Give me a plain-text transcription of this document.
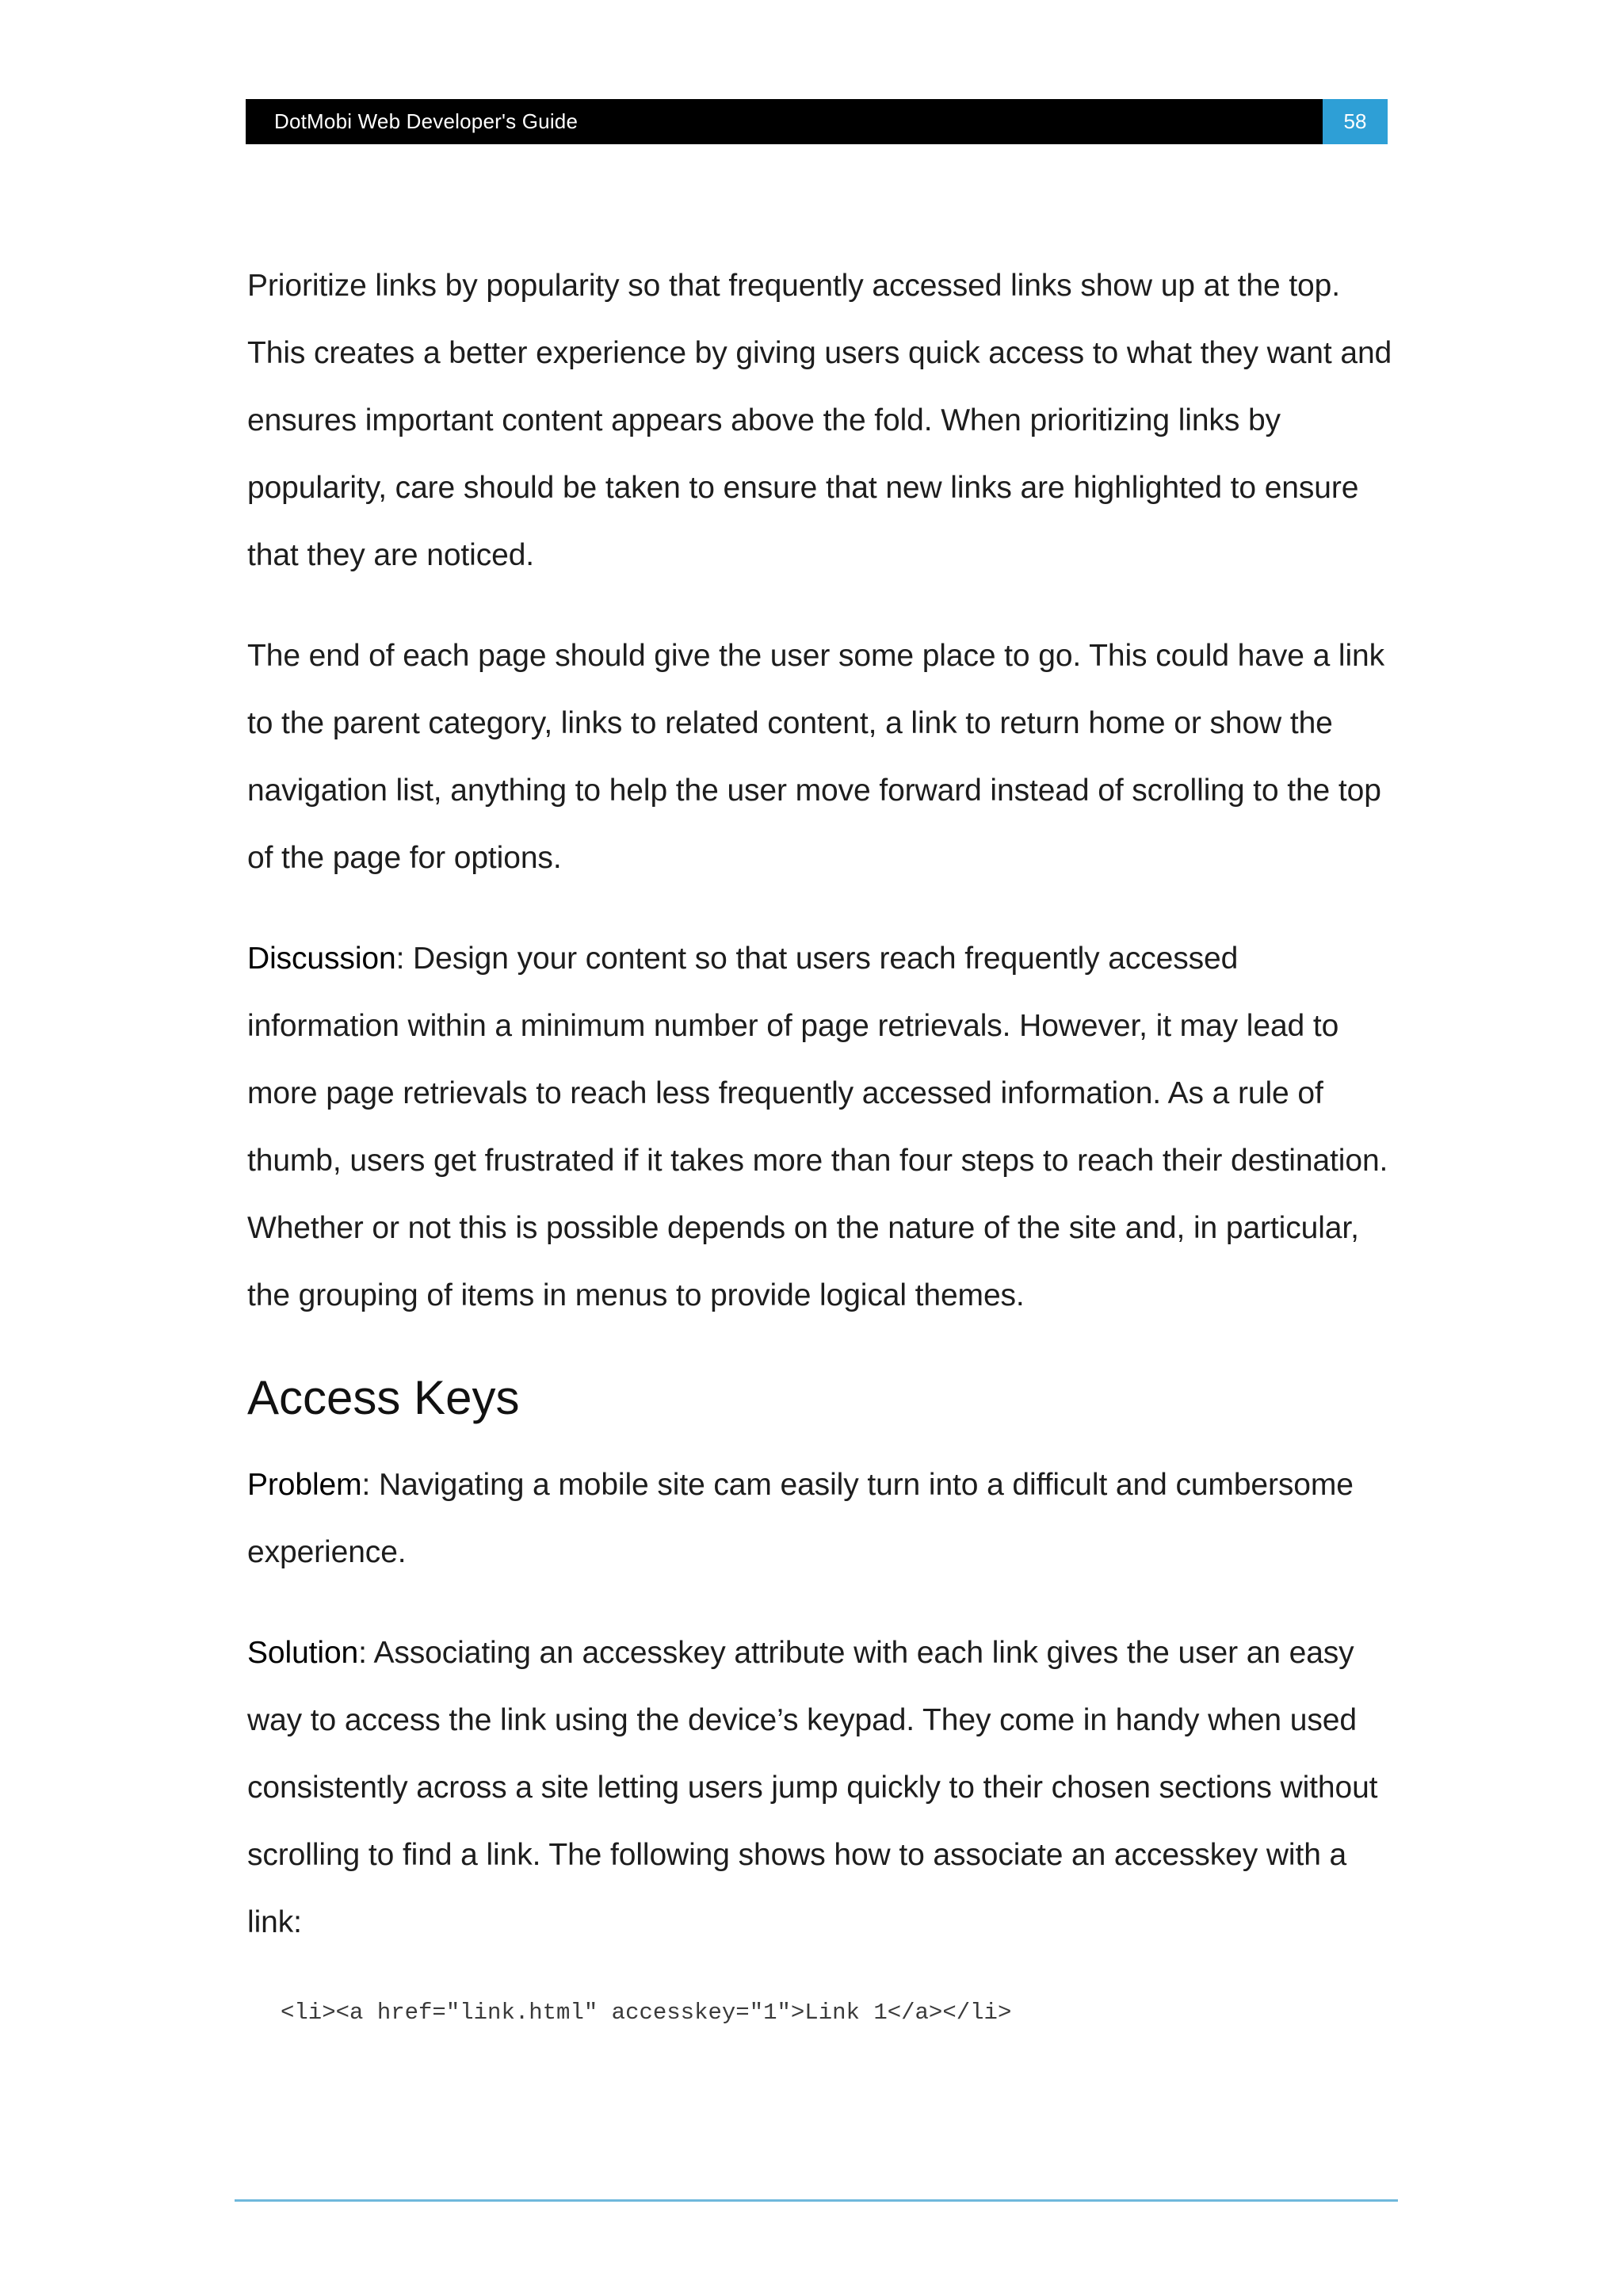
DotMobi Web Developer's Guide	58

Prioritize links by popularity so that frequently accessed links show up at the top. This creates a better experience by giving users quick access to what they want and ensures important content appears above the fold. When prioritizing links by popularity, care should be taken to ensure that new links are highlighted to ensure that they are noticed.

The end of each page should give the user some place to go. This could have a link to the parent category, links to related content, a link to return home or show the navigation list, anything to help the user move forward instead of scrolling to the top of the page for options.

Discussion: Design your content so that users reach frequently accessed information within a minimum number of page retrievals. However, it may lead to more page retrievals to reach less frequently accessed information. As a rule of thumb, users get frustrated if it takes more than four steps to reach their destination. Whether or not this is possible depends on the nature of the site and, in particular, the grouping of items in menus to provide logical themes.

Access Keys

Problem: Navigating a mobile site cam easily turn into a difficult and cumbersome experience.

Solution: Associating an accesskey attribute with each link gives the user an easy way to access the link using the device’s keypad. They come in handy when used consistently across a site letting users jump quickly to their chosen sections without scrolling to find a link. The following shows how to associate an accesskey with a link:

<li><a href="link.html" accesskey="1">Link 1</a></li>
